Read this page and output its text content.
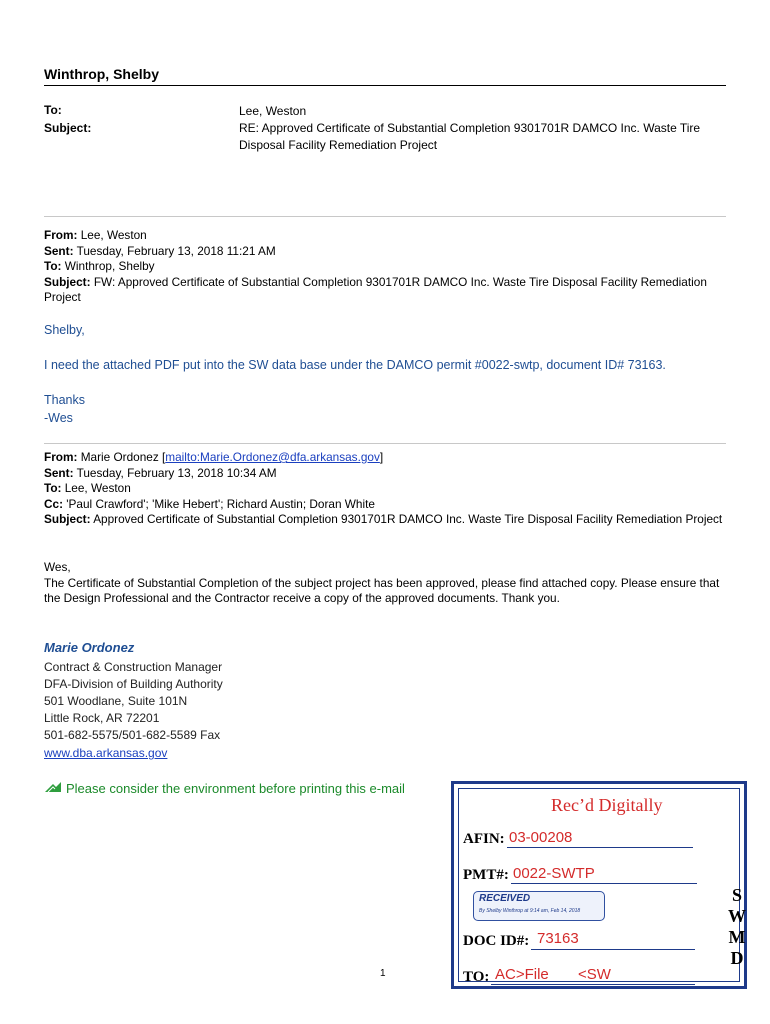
Winthrop, Shelby
To:	Lee, Weston
Subject:	RE: Approved Certificate of Substantial Completion 9301701R DAMCO Inc. Waste Tire Disposal Facility Remediation Project
From: Lee, Weston
Sent: Tuesday, February 13, 2018 11:21 AM
To: Winthrop, Shelby
Subject: FW: Approved Certificate of Substantial Completion 9301701R DAMCO Inc. Waste Tire Disposal Facility Remediation Project
Shelby,
I need the attached PDF put into the SW data base under the DAMCO permit #0022-swtp, document ID# 73163.
Thanks
-Wes
From: Marie Ordonez [mailto:Marie.Ordonez@dfa.arkansas.gov]
Sent: Tuesday, February 13, 2018 10:34 AM
To: Lee, Weston
Cc: 'Paul Crawford'; 'Mike Hebert'; Richard Austin; Doran White
Subject: Approved Certificate of Substantial Completion 9301701R DAMCO Inc. Waste Tire Disposal Facility Remediation Project
Wes,
The Certificate of Substantial Completion of the subject project has been approved, please find attached copy. Please ensure that the Design Professional and the Contractor receive a copy of the approved documents. Thank you.
Marie Ordonez
Contract & Construction Manager
DFA-Division of Building Authority
501 Woodlane, Suite 101N
Little Rock, AR 72201
501-682-5575/501-682-5589 Fax
www.dba.arkansas.gov
Please consider the environment before printing this e-mail
1
Rec’d Digitally
AFIN: 03-00208
PMT#: 0022-SWTP
RECEIVED
By Shelby Winthrop at 9:14 am, Feb 14, 2018
DOC ID#: 73163
TO: AC>File       <SW
S
W
M
D
